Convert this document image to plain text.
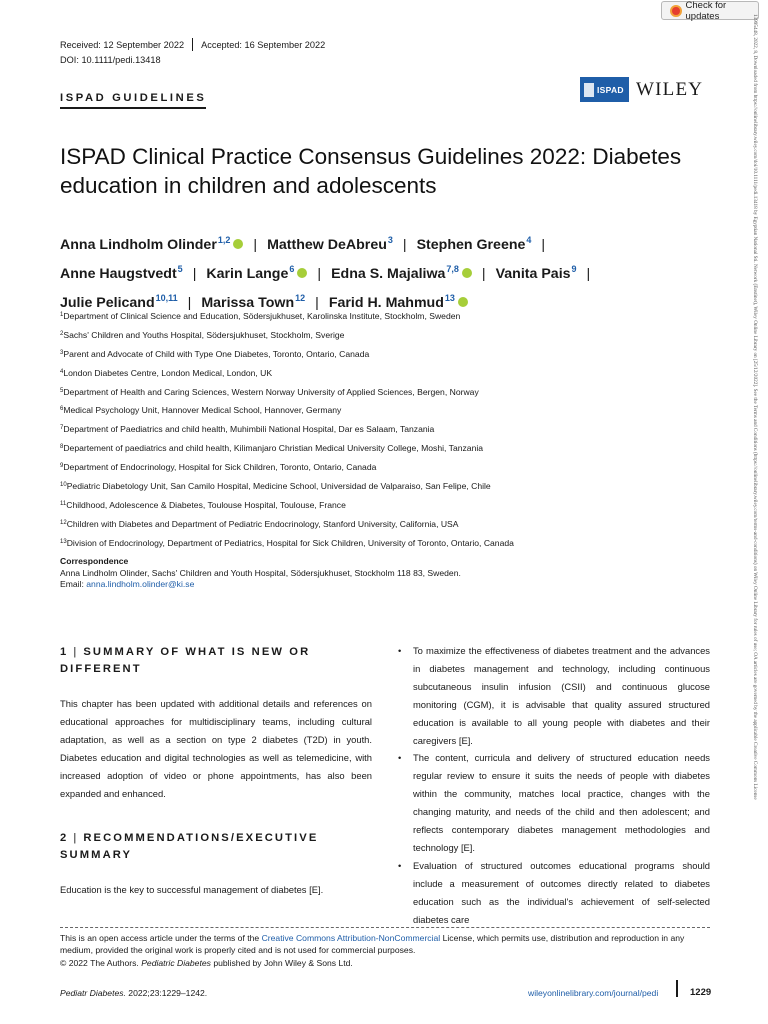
Check for updates	13995448, 2022, 8, Downloaded from https://onlinelibrary.wiley.com/doi/10.1111/pedi.13418 by Egyptian National Sti. Network (Enstinet), Wiley Online Library on [25/12/2022]. See the Terms and Conditions (https://onlinelibrary.wiley.com/terms-and-conditions) on Wiley Online Library for rules of use; OA articles are governed by the applicable Creative Commons License
Received: 12 September 2022 Accepted: 16 September 2022
DOI: 10.1111/pedi.13418
ISPAD GUIDELINES
ISPAD WILEY
ISPAD Clinical Practice Consensus Guidelines 2022: Diabetes education in children and adolescents
Anna Lindholm Olinder$^{1,2}$ | Matthew DeAbreu$^3$ | Stephen Greene$^4$ |
Anne Haugstvedt$^5$ | Karin Lange$^6$ | Edna S. Majaliwa$^{7,8}$ | Vanita Pais$^9$ |
Julie Pelicand$^{10,11}$ | Marissa Town$^{12}$ | Farid H. Mahmud$^{13}$
$^1$Department of Clinical Science and Education, Södersjukhuset, Karolinska Institute, Stockholm, Sweden
$^2$Sachs' Children and Youths Hospital, Södersjukhuset, Stockholm, Sverige
$^3$Parent and Advocate of Child with Type One Diabetes, Toronto, Ontario, Canada
$^4$London Diabetes Centre, London Medical, London, UK
$^5$Department of Health and Caring Sciences, Western Norway University of Applied Sciences, Bergen, Norway
$^6$Medical Psychology Unit, Hannover Medical School, Hannover, Germany
$^7$Department of Paediatrics and child health, Muhimbili National Hospital, Dar es Salaam, Tanzania
$^8$Departement of paediatrics and child health, Kilimanjaro Christian Medical University College, Moshi, Tanzania
$^9$Department of Endocrinology, Hospital for Sick Children, Toronto, Ontario, Canada
$^{10}$Pediatric Diabetology Unit, San Camilo Hospital, Medicine School, Universidad de Valparaiso, San Felipe, Chile
$^{11}$Childhood, Adolescence & Diabetes, Toulouse Hospital, Toulouse, France
$^{12}$Children with Diabetes and Department of Pediatric Endocrinology, Stanford University, California, USA
$^{13}$Division of Endocrinology, Department of Pediatrics, Hospital for Sick Children, University of Toronto, Ontario, Canada
Correspondence
Anna Lindholm Olinder, Sachs' Children and Youth Hospital, Södersjukhuset, Stockholm 118 83, Sweden.
Email: anna.lindholm.olinder@ki.se
1 | SUMMARY OF WHAT IS NEW OR
DIFFERENT

This chapter has been updated with additional details and references on educational approaches for multidisciplinary teams, including cultural adaptation, as well as a section on type 2 diabetes (T2D) in youth. Diabetes education and digital technologies as well as telemedicine, with increased adoption of video or phone appointments, has also been expanded and enhanced.

2 | RECOMMENDATIONS/EXECUTIVE
SUMMARY

Education is the key to successful management of diabetes [E].

• To maximize the effectiveness of diabetes treatment and the advances in diabetes management and technology, including continuous subcutaneous insulin infusion (CSII) and continuous glucose monitoring (CGM), it is advisable that quality assured structured education is available to all young people with diabetes and their caregivers [E].
• The content, curricula and delivery of structured education needs regular review to ensure it suits the needs of people with diabetes within the community, matches local practice, changes with the changing maturity, and needs of the child and then adolescent; and reflects contemporary diabetes management methodologies and technology [E].
• Evaluation of structured outcomes educational programs should include a measurement of outcomes directly related to diabetes education such as the individual's achievement of self-selected diabetes care
This is an open access article under the terms of the Creative Commons Attribution-NonCommercial License, which permits use, distribution and reproduction in any
medium, provided the original work is properly cited and is not used for commercial purposes.
© 2022 The Authors. Pediatric Diabetes published by John Wiley & Sons Ltd.
Pediatr Diabetes. 2022;23:1229–1242.	wileyonlinelibrary.com/journal/pedi	1229
